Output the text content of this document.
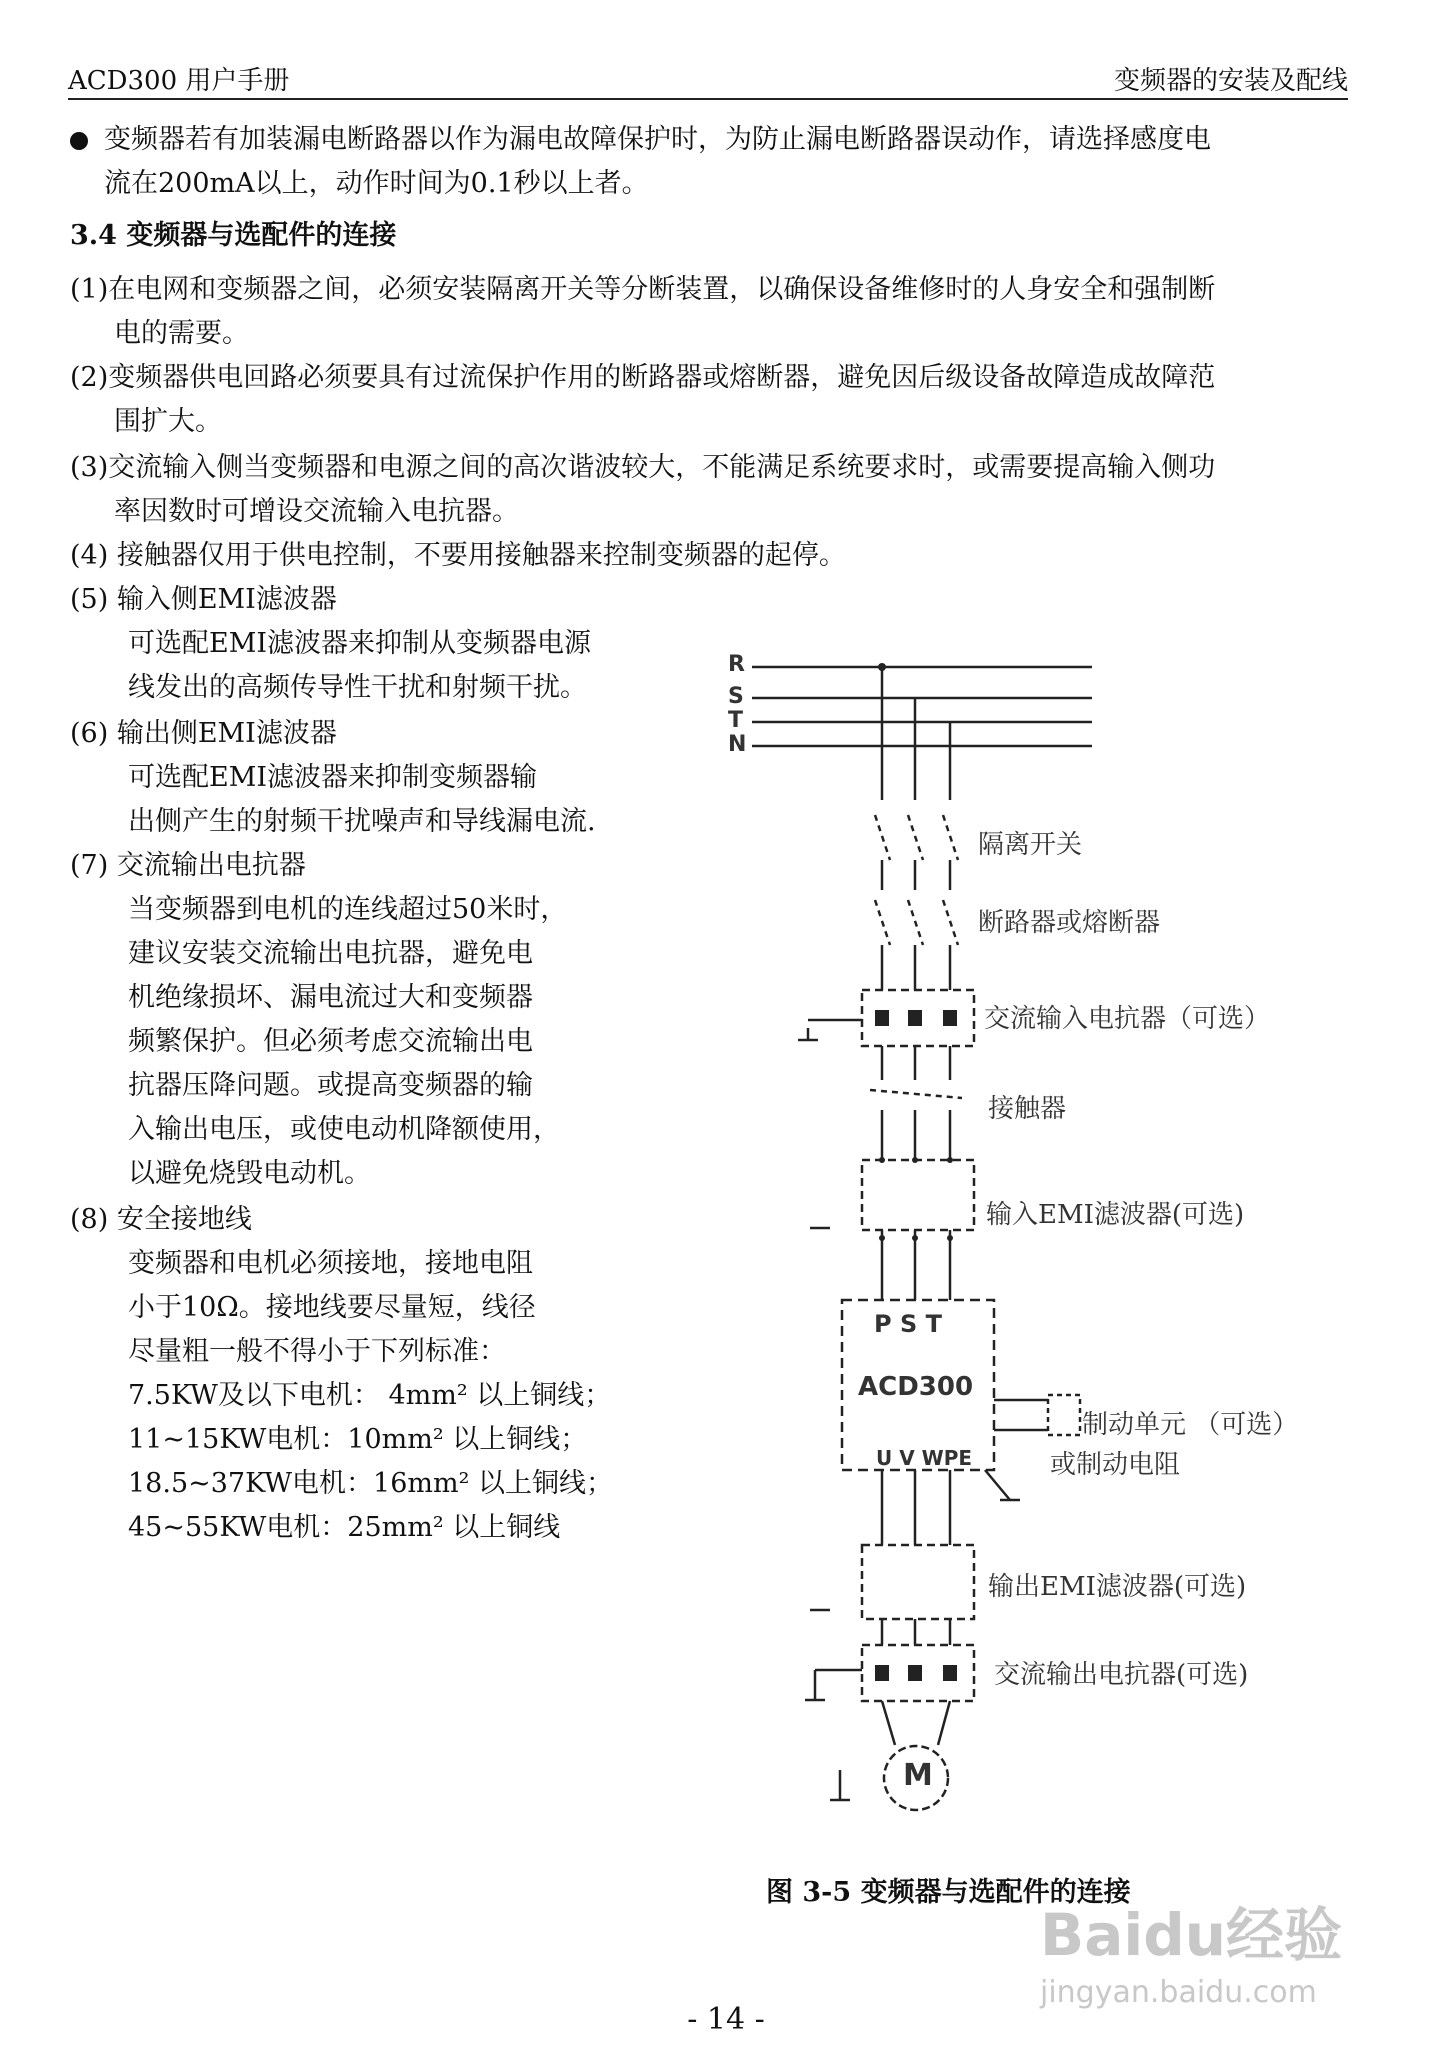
ACD300 用户手册	变频器的安装及配线
变频器若有加装漏电断路器以作为漏电故障保护时，为防止漏电断路器误动作，请选择感度电
流在200mA以上，动作时间为0.1秒以上者。
3.4 变频器与选配件的连接
(1)在电网和变频器之间，必须安装隔离开关等分断装置，以确保设备维修时的人身安全和强制断
电的需要。
(2)变频器供电回路必须要具有过流保护作用的断路器或熔断器，避免因后级设备故障造成故障范
围扩大。
(3)交流输入侧当变频器和电源之间的高次谐波较大，不能满足系统要求时，或需要提高输入侧功
率因数时可增设交流输入电抗器。
(4) 接触器仅用于供电控制，不要用接触器来控制变频器的起停。
(5) 输入侧EMI滤波器
可选配EMI滤波器来抑制从变频器电源
线发出的高频传导性干扰和射频干扰。
(6) 输出侧EMI滤波器
可选配EMI滤波器来抑制变频器输
出侧产生的射频干扰噪声和导线漏电流.
(7) 交流输出电抗器
当变频器到电机的连线超过50米时，
建议安装交流输出电抗器，避免电
机绝缘损坏、漏电流过大和变频器
频繁保护。但必须考虑交流输出电
抗器压降问题。或提高变频器的输
入输出电压，或使电动机降额使用，
以避免烧毁电动机。
(8) 安全接地线
变频器和电机必须接地，接地电阻
小于10Ω。接地线要尽量短，线径
尽量粗一般不得小于下列标准：
7.5KW及以下电机： 4mm² 以上铜线；
11~15KW电机：10mm² 以上铜线；
18.5~37KW电机：16mm² 以上铜线；
45~55KW电机：25mm² 以上铜线
R
S
T
N
隔离开关
断路器或熔断器
交流输入电抗器（可选）
接触器
输入EMI滤波器(可选)
P S T
ACD300
制动单元 （可选）
或制动电阻
U V WPE
输出EMI滤波器(可选)
交流输出电抗器(可选)
M
图 3-5 变频器与选配件的连接
Baidu经验
jingyan.baidu.com
- 14 -
